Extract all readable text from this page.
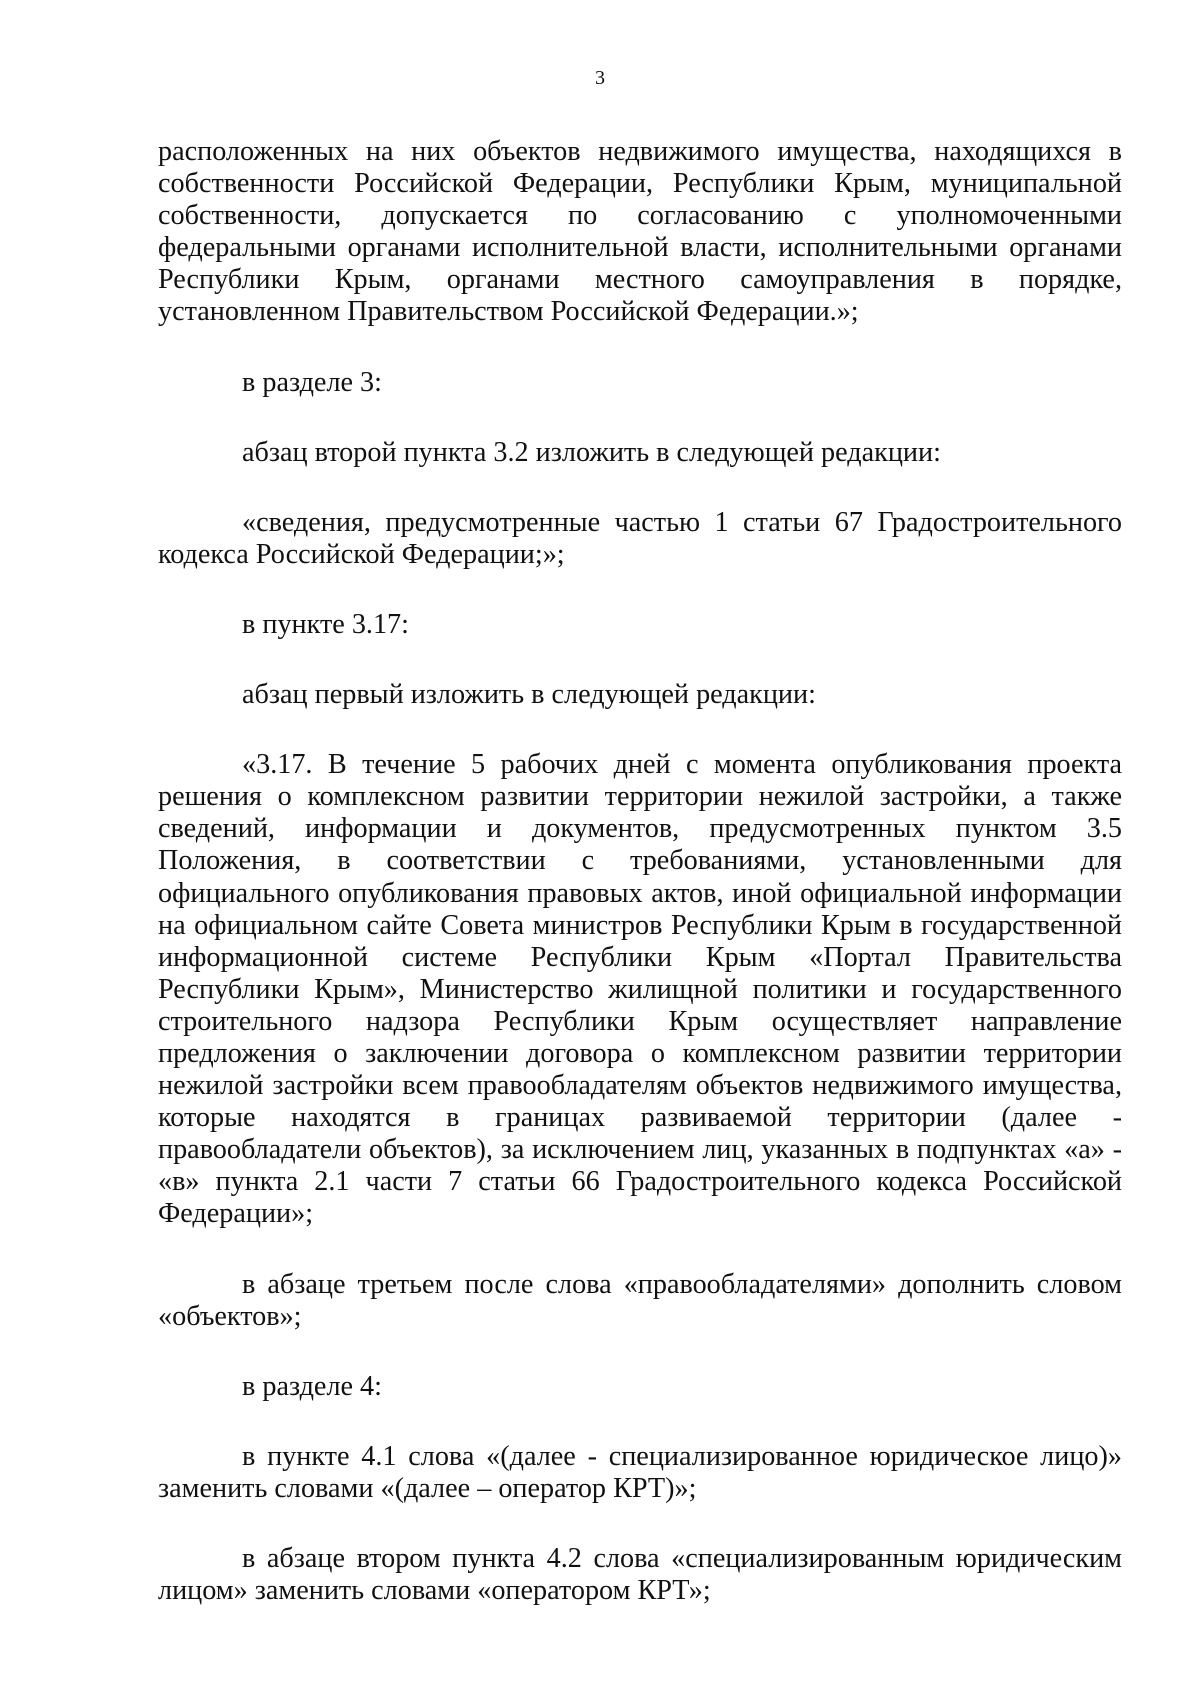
3

расположенных на них объектов недвижимого имущества, находящихся в собственности Российской Федерации, Республики Крым, муниципальной собственности, допускается по согласованию с уполномоченными федеральными органами исполнительной власти, исполнительными органами Республики Крым, органами местного самоуправления в порядке, установленном Правительством Российской Федерации.»;

в разделе 3:

абзац второй пункта 3.2 изложить в следующей редакции:

«сведения, предусмотренные частью 1 статьи 67 Градостроительного кодекса Российской Федерации;»;

в пункте 3.17:

абзац первый изложить в следующей редакции:

«3.17. В течение 5 рабочих дней с момента опубликования проекта решения о комплексном развитии территории нежилой застройки, а также сведений, информации и документов, предусмотренных пунктом 3.5 Положения, в соответствии с требованиями, установленными для официального опубликования правовых актов, иной официальной информации на официальном сайте Совета министров Республики Крым в государственной информационной системе Республики Крым «Портал Правительства Республики Крым», Министерство жилищной политики и государственного строительного надзора Республики Крым осуществляет направление предложения о заключении договора о комплексном развитии территории нежилой застройки всем правообладателям объектов недвижимого имущества, которые находятся в границах развиваемой территории (далее - правообладатели объектов), за исключением лиц, указанных в подпунктах «а» - «в» пункта 2.1 части 7 статьи 66 Градостроительного кодекса Российской Федерации»;

в абзаце третьем после слова «правообладателями» дополнить словом «объектов»;

в разделе 4:

в пункте 4.1 слова «(далее - специализированное юридическое лицо)» заменить словами «(далее – оператор КРТ)»;

в абзаце втором пункта 4.2 слова «специализированным юридическим лицом» заменить словами «оператором КРТ»;
